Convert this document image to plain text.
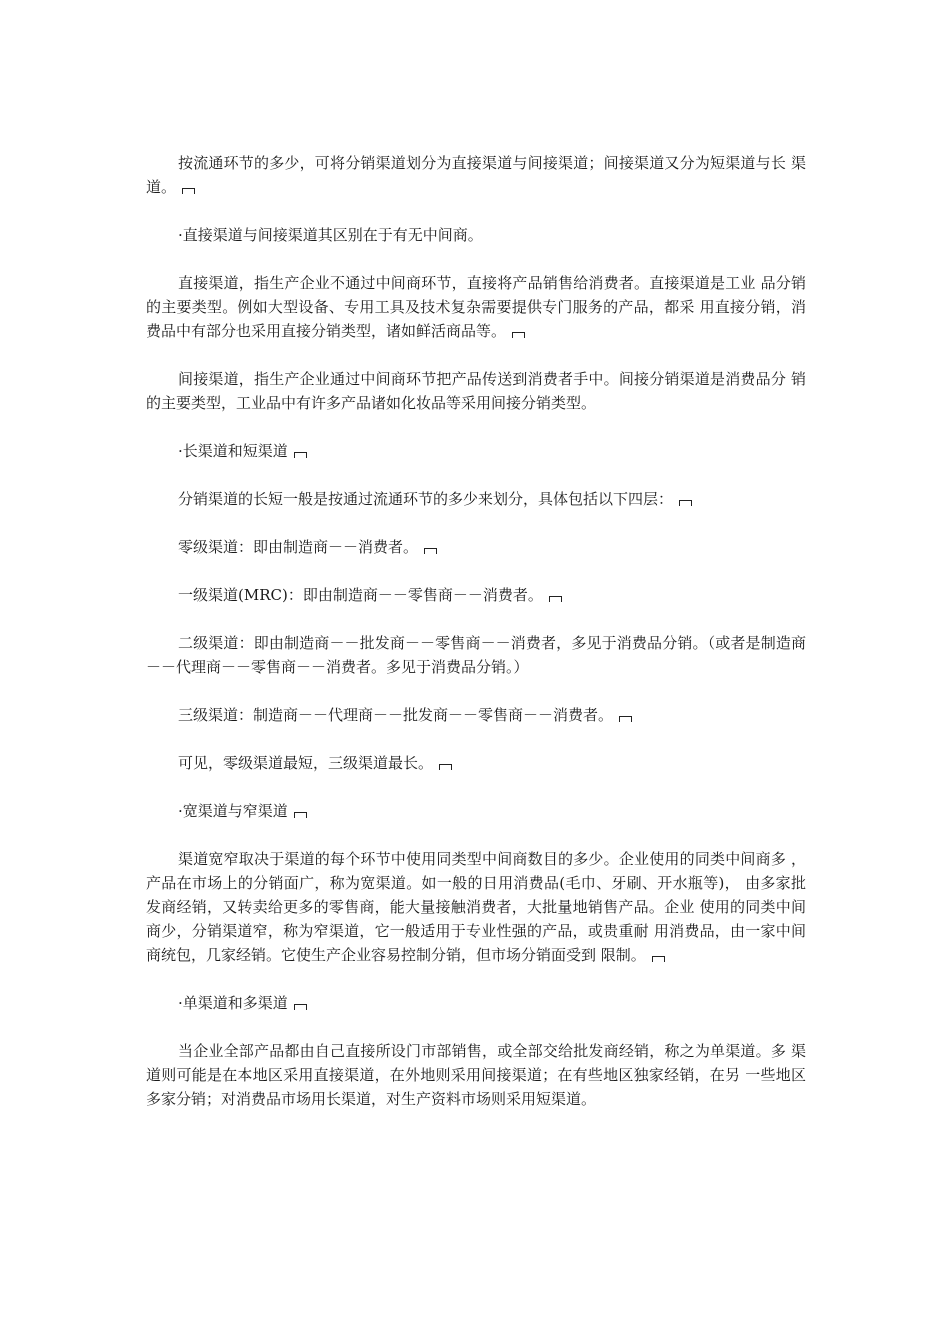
按流通环节的多少，可将分销渠道划分为直接渠道与间接渠道；间接渠道又分为短渠道与长 渠道。

·直接渠道与间接渠道其区别在于有无中间商。

直接渠道，指生产企业不通过中间商环节，直接将产品销售给消费者。直接渠道是工业 品分销的主要类型。例如大型设备、专用工具及技术复杂需要提供专门服务的产品，都采 用直接分销，消费品中有部分也采用直接分销类型，诸如鲜活商品等。

间接渠道，指生产企业通过中间商环节把产品传送到消费者手中。间接分销渠道是消费品分 销的主要类型，工业品中有许多产品诸如化妆品等采用间接分销类型。

·长渠道和短渠道

分销渠道的长短一般是按通过流通环节的多少来划分，具体包括以下四层：

零级渠道：即由制造商－－消费者。

一级渠道(MRC)：即由制造商－－零售商－－消费者。

二级渠道：即由制造商－－批发商－－零售商－－消费者，多见于消费品分销。（或者是制造商－－代理商－－零售商－－消费者。多见于消费品分销。）

三级渠道：制造商－－代理商－－批发商－－零售商－－消费者。

可见，零级渠道最短，三级渠道最长。

·宽渠道与窄渠道

渠道宽窄取决于渠道的每个环节中使用同类型中间商数目的多少。企业使用的同类中间商多 ，产品在市场上的分销面广，称为宽渠道。如一般的日用消费品(毛巾、牙刷、开水瓶等)， 由多家批发商经销，又转卖给更多的零售商，能大量接触消费者，大批量地销售产品。企业 使用的同类中间商少，分销渠道窄，称为窄渠道，它一般适用于专业性强的产品，或贵重耐 用消费品，由一家中间商统包，几家经销。它使生产企业容易控制分销，但市场分销面受到 限制。

·单渠道和多渠道

当企业全部产品都由自己直接所设门市部销售，或全部交给批发商经销，称之为单渠道。多 渠道则可能是在本地区采用直接渠道，在外地则采用间接渠道；在有些地区独家经销，在另 一些地区多家分销；对消费品市场用长渠道，对生产资料市场则采用短渠道。
